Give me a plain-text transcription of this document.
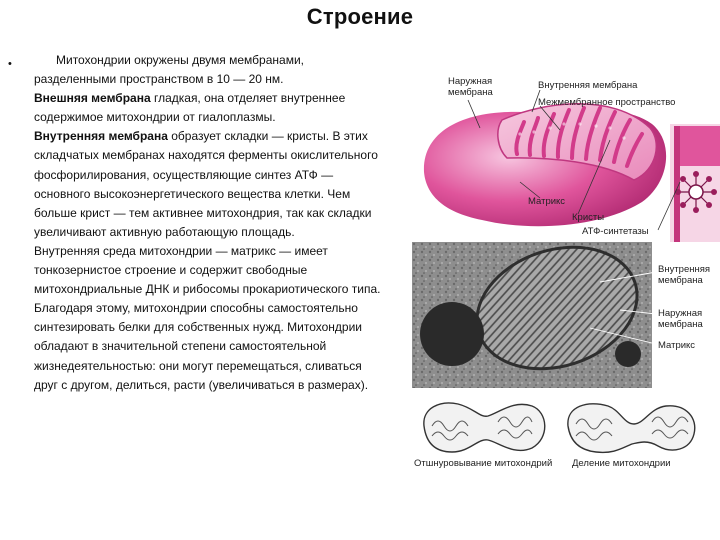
Строение
•	Митохондрии окружены двумя мембранами, разделенными пространством в 10 — 20 нм.
Внешняя мембрана гладкая, она отделяет внутреннее содержимое митохондрии от гиалоплазмы.
Внутренняя мембрана образует складки — кристы. В этих складчатых мембранах находятся ферменты окислительного фосфорилирования, осуществляющие синтез АТФ — основного высокоэнергетического вещества клетки. Чем больше крист — тем активнее митохондрия, так как складки увеличивают активную работающую площадь.
Внутренняя среда митохондрии — матрикс — имеет тонкозернистое строение и содержит свободные митохондриальные ДНК и рибосомы прокариотического типа. Благодаря этому, митохондрии способны самостоятельно синтезировать белки для собственных нужд. Митохондрии обладают в значительной степени самостоятельной жизнедеятельностью: они могут перемещаться, сливаться друг с другом, делиться, расти (увеличиваться в размерах).
Наружная
мембрана
Внутренняя мембрана
Межмембранное пространство
Матрикс
Кристы
АТФ-синтетазы
Внутренняя
мембрана
Наружная
мембрана
Матрикс
Отшнуровывание митохондрий Деление митохондрии
